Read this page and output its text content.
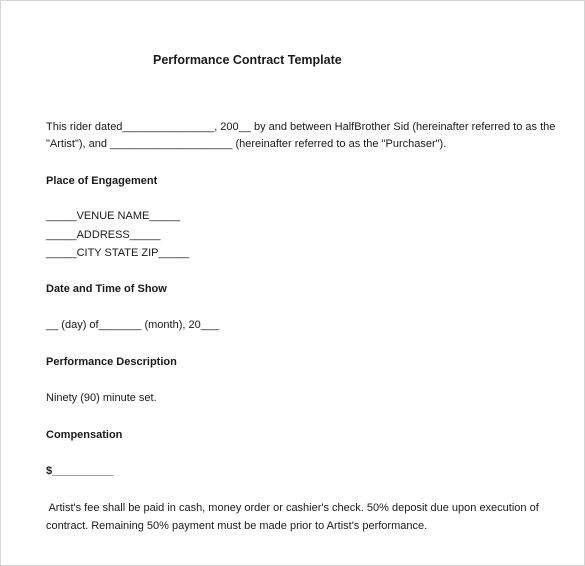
Performance Contract Template
This rider dated_______________, 200__ by and between HalfBrother Sid (hereinafter referred to as the
"Artist"), and ____________________ (hereinafter referred to as the "Purchaser").
Place of Engagement
_____VENUE NAME_____
_____ADDRESS_____
_____CITY STATE ZIP_____
Date and Time of Show
__ (day) of_______ (month), 20___
Performance Description
Ninety (90) minute set.
Compensation
$__________
Artist's fee shall be paid in cash, money order or cashier's check. 50% deposit due upon execution of
contract. Remaining 50% payment must be made prior to Artist's performance.
